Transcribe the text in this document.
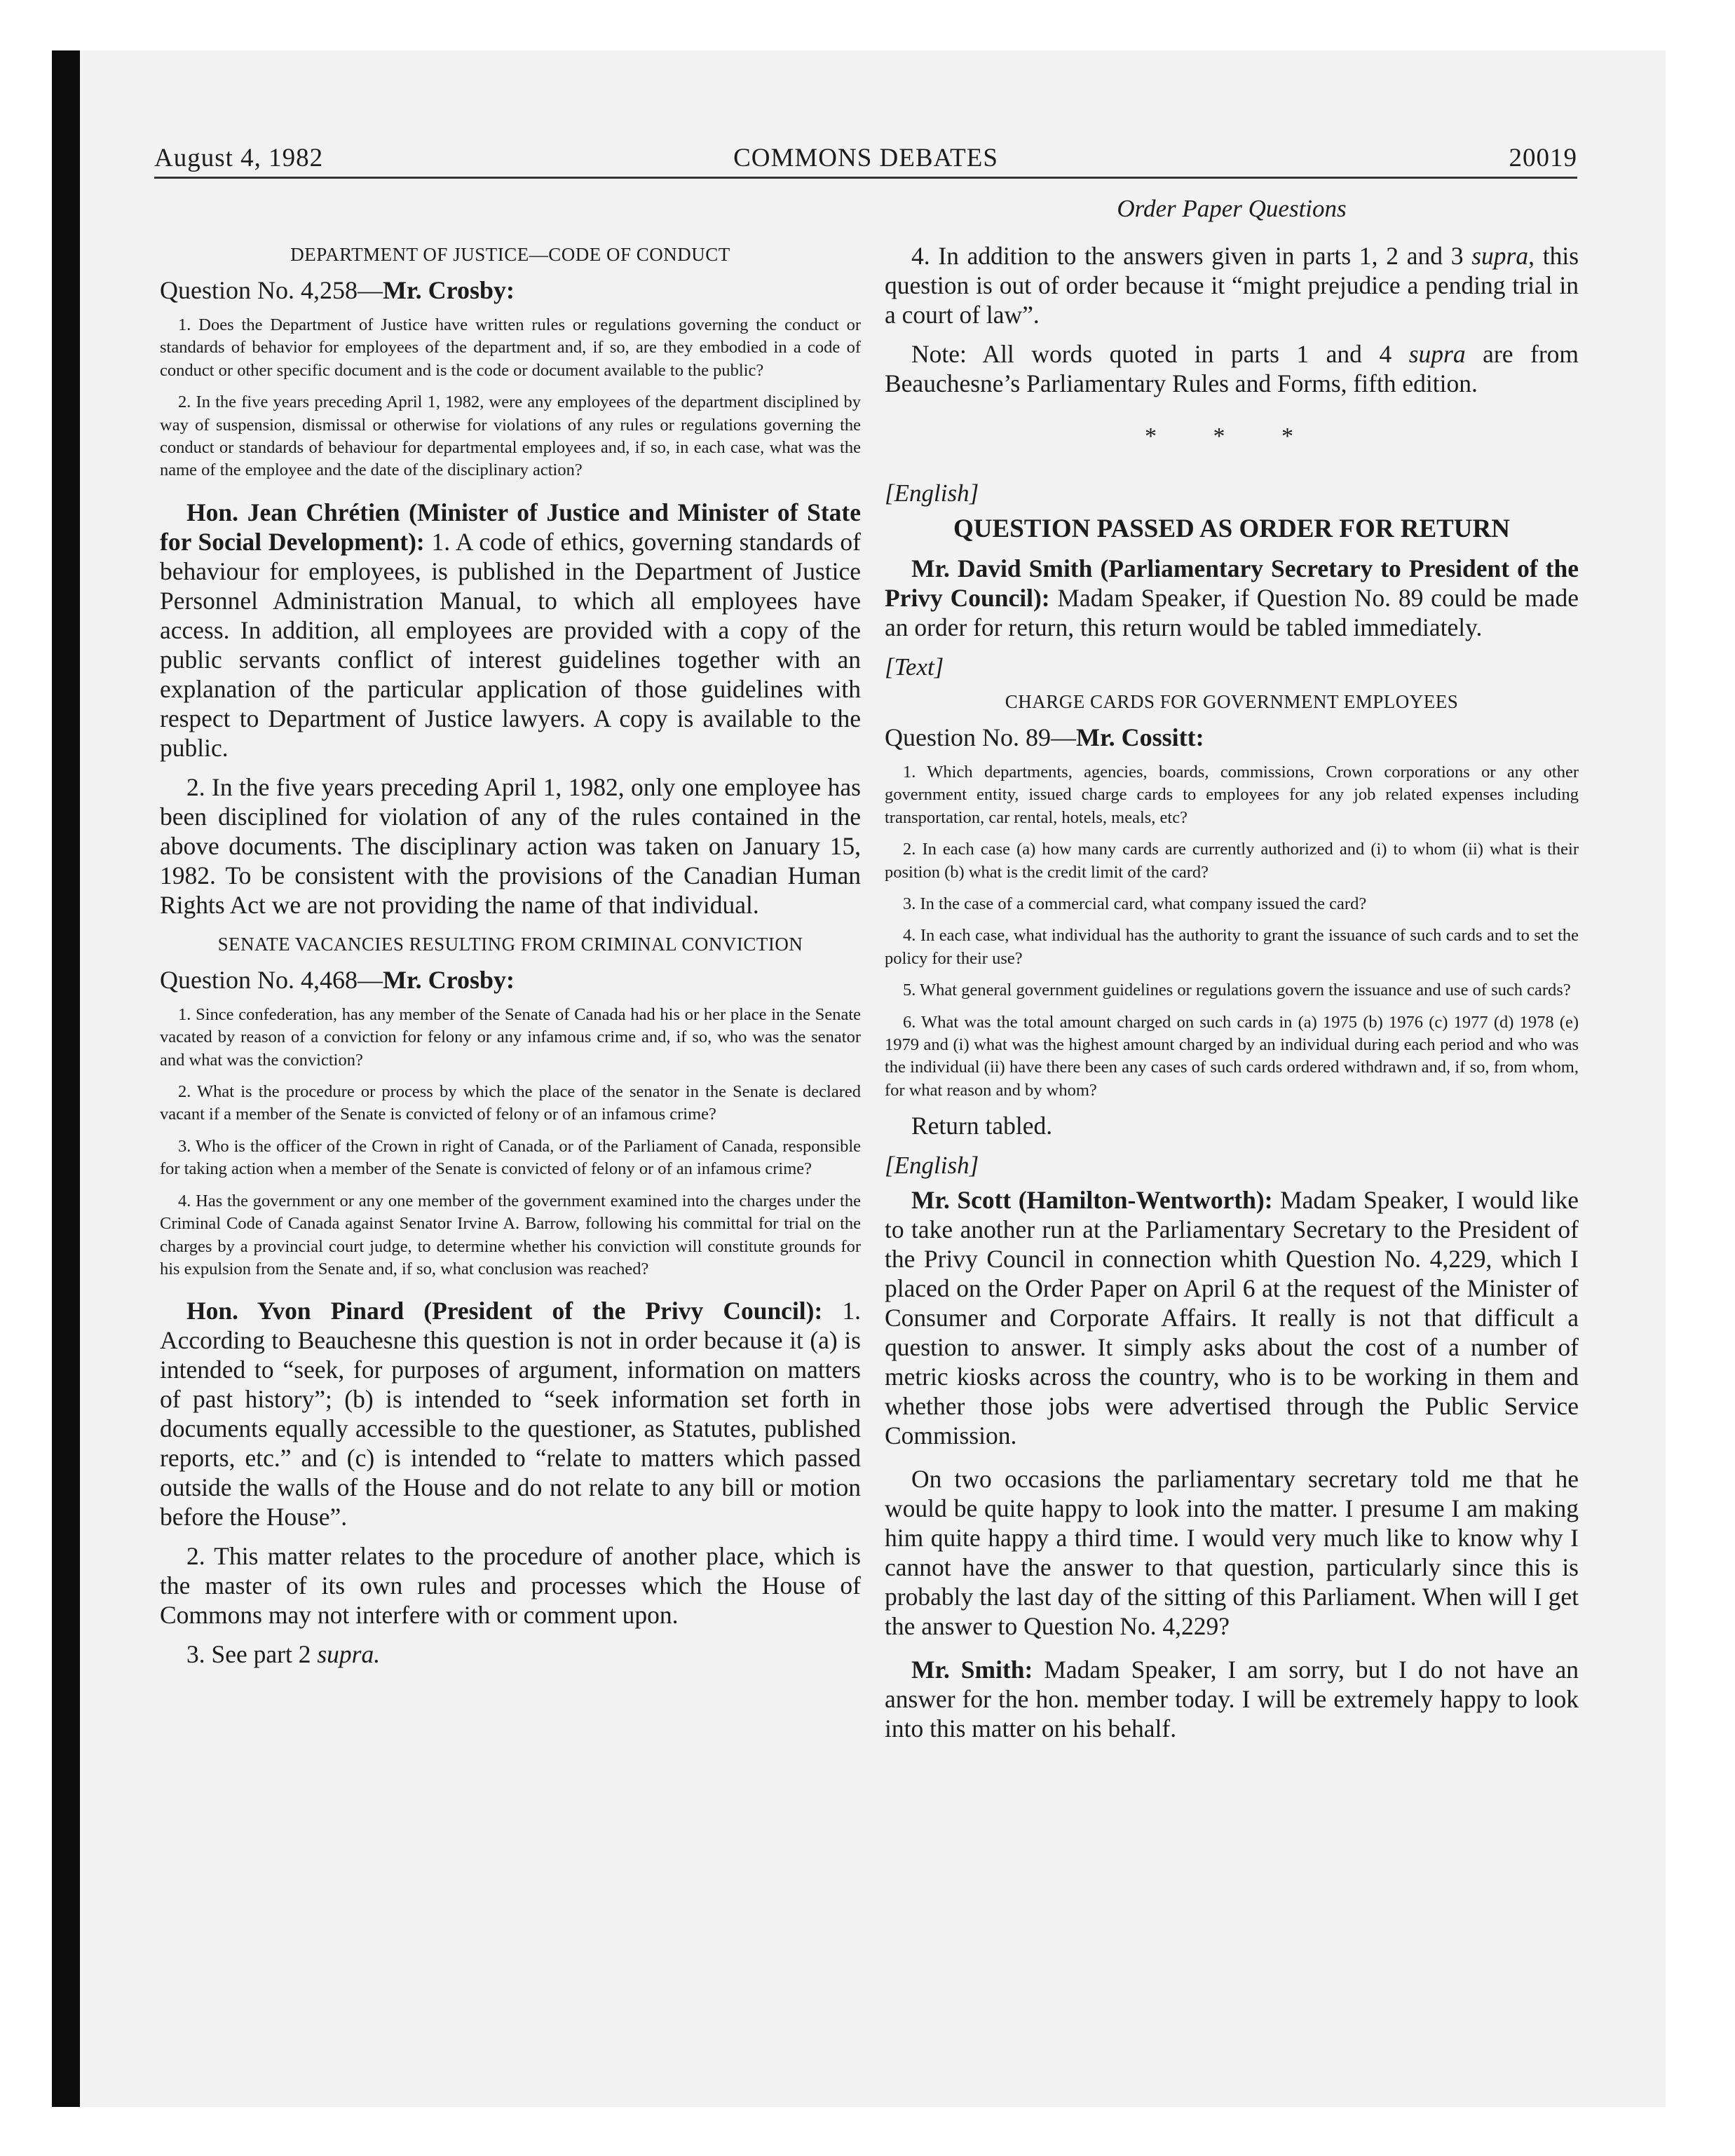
August 4, 1982	COMMONS DEBATES	20019

DEPARTMENT OF JUSTICE—CODE OF CONDUCT

Question No. 4,258—Mr. Crosby:

1. Does the Department of Justice have written rules or regulations governing the conduct or standards of behavior for employees of the department and, if so, are they embodied in a code of conduct or other specific document and is the code or document available to the public?

2. In the five years preceding April 1, 1982, were any employees of the department disciplined by way of suspension, dismissal or otherwise for violations of any rules or regulations governing the conduct or standards of behaviour for departmental employees and, if so, in each case, what was the name of the employee and the date of the disciplinary action?

Hon. Jean Chrétien (Minister of Justice and Minister of State for Social Development): 1. A code of ethics, governing standards of behaviour for employees, is published in the Department of Justice Personnel Administration Manual, to which all employees have access. In addition, all employees are provided with a copy of the public servants conflict of interest guidelines together with an explanation of the particular application of those guidelines with respect to Department of Justice lawyers. A copy is available to the public.

2. In the five years preceding April 1, 1982, only one employee has been disciplined for violation of any of the rules contained in the above documents. The disciplinary action was taken on January 15, 1982. To be consistent with the provisions of the Canadian Human Rights Act we are not providing the name of that individual.

SENATE VACANCIES RESULTING FROM CRIMINAL CONVICTION

Question No. 4,468—Mr. Crosby:

1. Since confederation, has any member of the Senate of Canada had his or her place in the Senate vacated by reason of a conviction for felony or any infamous crime and, if so, who was the senator and what was the conviction?

2. What is the procedure or process by which the place of the senator in the Senate is declared vacant if a member of the Senate is convicted of felony or of an infamous crime?

3. Who is the officer of the Crown in right of Canada, or of the Parliament of Canada, responsible for taking action when a member of the Senate is convicted of felony or of an infamous crime?

4. Has the government or any one member of the government examined into the charges under the Criminal Code of Canada against Senator Irvine A. Barrow, following his committal for trial on the charges by a provincial court judge, to determine whether his conviction will constitute grounds for his expulsion from the Senate and, if so, what conclusion was reached?

Hon. Yvon Pinard (President of the Privy Council): 1. According to Beauchesne this question is not in order because it (a) is intended to “seek, for purposes of argument, information on matters of past history”; (b) is intended to “seek information set forth in documents equally accessible to the questioner, as Statutes, published reports, etc.” and (c) is intended to “relate to matters which passed outside the walls of the House and do not relate to any bill or motion before the House”.

2. This matter relates to the procedure of another place, which is the master of its own rules and processes which the House of Commons may not interfere with or comment upon.

3. See part 2 supra.

Order Paper Questions

4. In addition to the answers given in parts 1, 2 and 3 supra, this question is out of order because it “might prejudice a pending trial in a court of law”.

Note: All words quoted in parts 1 and 4 supra are from Beauchesne’s Parliamentary Rules and Forms, fifth edition.

* * *

[English]

QUESTION PASSED AS ORDER FOR RETURN

Mr. David Smith (Parliamentary Secretary to President of the Privy Council): Madam Speaker, if Question No. 89 could be made an order for return, this return would be tabled immediately.

[Text]

CHARGE CARDS FOR GOVERNMENT EMPLOYEES

Question No. 89—Mr. Cossitt:

1. Which departments, agencies, boards, commissions, Crown corporations or any other government entity, issued charge cards to employees for any job related expenses including transportation, car rental, hotels, meals, etc?

2. In each case (a) how many cards are currently authorized and (i) to whom (ii) what is their position (b) what is the credit limit of the card?

3. In the case of a commercial card, what company issued the card?

4. In each case, what individual has the authority to grant the issuance of such cards and to set the policy for their use?

5. What general government guidelines or regulations govern the issuance and use of such cards?

6. What was the total amount charged on such cards in (a) 1975 (b) 1976 (c) 1977 (d) 1978 (e) 1979 and (i) what was the highest amount charged by an individual during each period and who was the individual (ii) have there been any cases of such cards ordered withdrawn and, if so, from whom, for what reason and by whom?

Return tabled.

[English]

Mr. Scott (Hamilton-Wentworth): Madam Speaker, I would like to take another run at the Parliamentary Secretary to the President of the Privy Council in connection whith Question No. 4,229, which I placed on the Order Paper on April 6 at the request of the Minister of Consumer and Corporate Affairs. It really is not that difficult a question to answer. It simply asks about the cost of a number of metric kiosks across the country, who is to be working in them and whether those jobs were advertised through the Public Service Commission.

On two occasions the parliamentary secretary told me that he would be quite happy to look into the matter. I presume I am making him quite happy a third time. I would very much like to know why I cannot have the answer to that question, particularly since this is probably the last day of the sitting of this Parliament. When will I get the answer to Question No. 4,229?

Mr. Smith: Madam Speaker, I am sorry, but I do not have an answer for the hon. member today. I will be extremely happy to look into this matter on his behalf.
